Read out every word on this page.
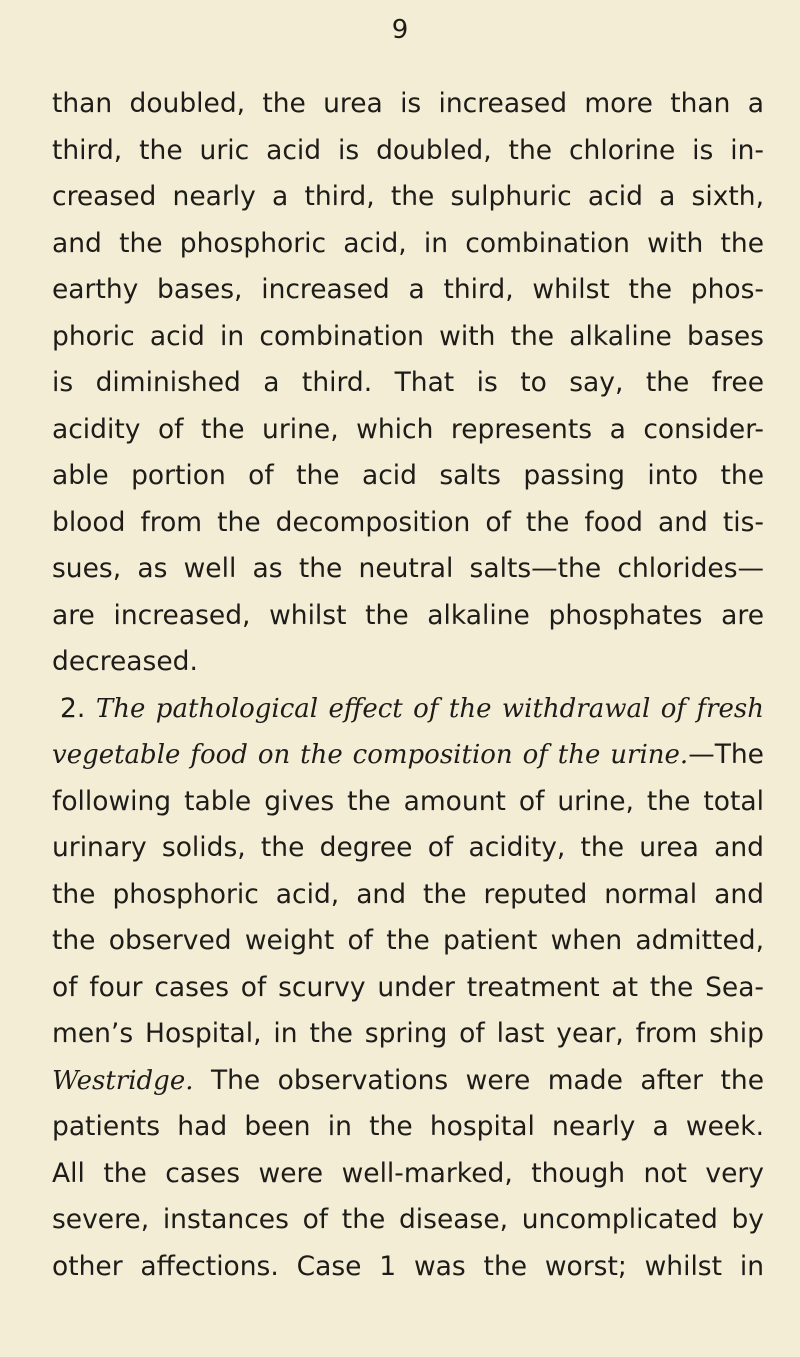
9
than doubled, the urea is increased more than a
third, the uric acid is doubled, the chlorine is in-
creased nearly a third, the sulphuric acid a sixth,
and the phosphoric acid, in combination with the
earthy bases, increased a third, whilst the phos-
phoric acid in combination with the alkaline bases
is diminished a third. That is to say, the free
acidity of the urine, which represents a consider-
able portion of the acid salts passing into the
blood from the decomposition of the food and tis-
sues, as well as the neutral salts—the chlorides—
are increased, whilst the alkaline phosphates are
decreased.
2. The pathological effect of the withdrawal of fresh
vegetable food on the composition of the urine.—The
following table gives the amount of urine, the total
urinary solids, the degree of acidity, the urea and
the phosphoric acid, and the reputed normal and
the observed weight of the patient when admitted,
of four cases of scurvy under treatment at the Sea-
men’s Hospital, in the spring of last year, from ship
Westridge. The observations were made after the
patients had been in the hospital nearly a week.
All the cases were well-marked, though not very
severe, instances of the disease, uncomplicated by
other affections. Case 1 was the worst; whilst in
